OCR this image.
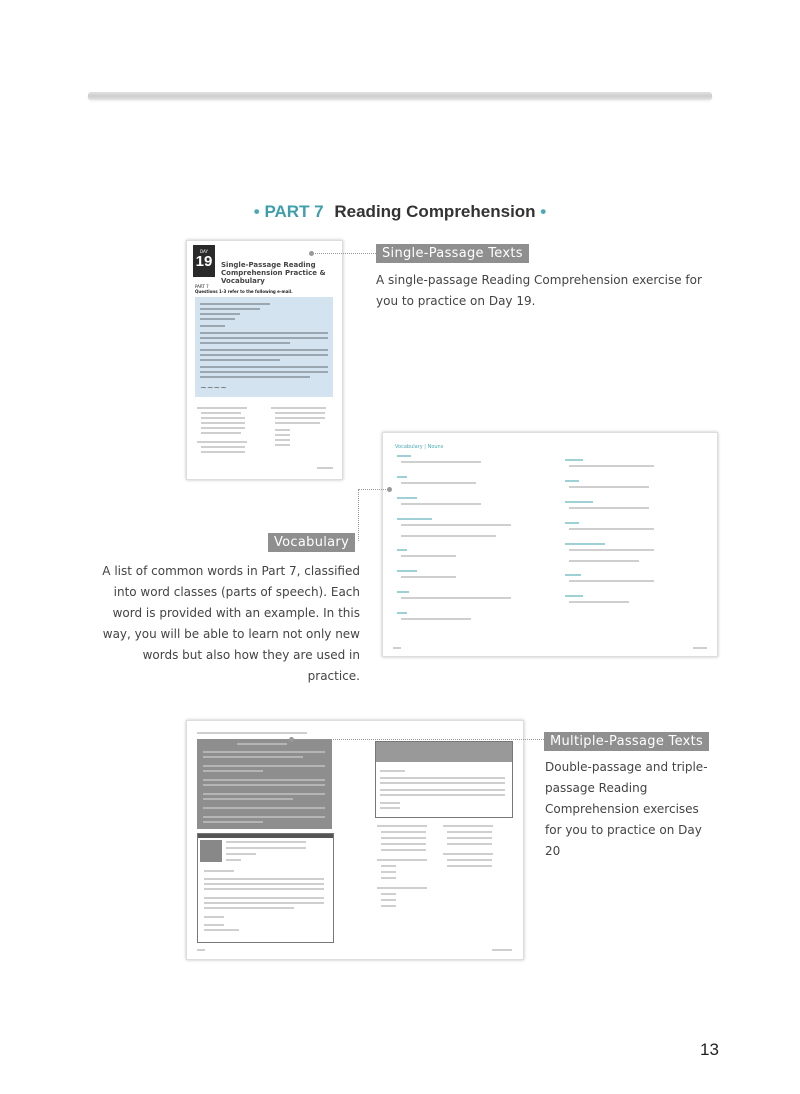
• PART 7 Reading Comprehension •
DAY
19	Single-Passage Reading
Comprehension Practice & Vocabulary
PART 7
Questions 1-3 refer to the following e-mail.
~~~~
Single-Passage Texts
A single-passage Reading Comprehension exercise for you to practice on Day 19.
Vocabulary | Nouns
Vocabulary
A list of common words in Part 7, classified into word classes (parts of speech). Each word is provided with an example. In this way, you will be able to learn not only new words but also how they are used in practice.
Multiple-Passage Texts
Double-passage and triple-passage Reading Comprehension exercises for you to practice on Day 20
13
